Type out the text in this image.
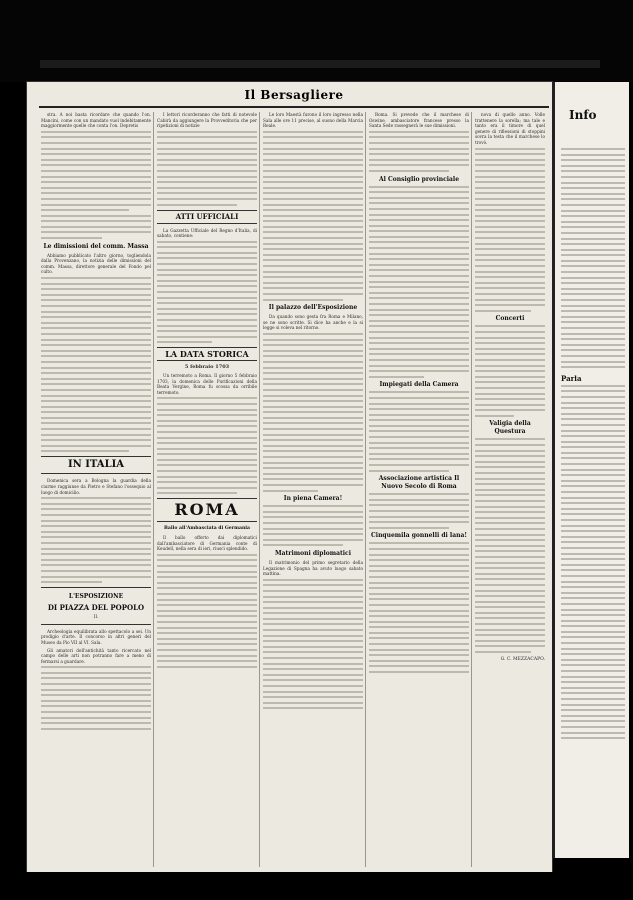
Il Bersagliere

stra. A noi basta ricordare che quando l'on. Mancini, come con un mandato vuol indebitamente maggiormente quelle che conta l'on. Depretis

Le dimissioni del comm. Massa

Abbiamo pubblicato l'altro giorno, togliendola dalla Provenzano, la notizia delle dimissioni del comm. Massa, direttore generale del Fondo pel culto.

IN ITALIA

Domenica sera a Bologna la guardia della ciurme raggiunse da Pietro e Stefano l'ossequio al luogo di domicilio.

L'ESPOSIZIONE
DI PIAZZA DEL POPOLO
II.

Archeologia equilibrata allo spettacolo a sei. Un prodigio d'arte. Il concorso in altri generi del Museo da Pio VII al VI. Sala.

Gli amatori dell'antichità tanto ricercato nel campo delle arti non potranno fare a meno di fermarsi a guardare.

I lettori ricorderanno che fatti di notevole Cabirà da aggiungere la Provveditoria che per ripetizioni di notizie

ATTI UFFICIALI

La Gazzetta Ufficiale del Regno d'Italia, di sabato, contiene:

LA DATA STORICA
5 febbraio 1703

Un terremoto a Roma. Il giorno 5 febbraio 1703, la domenica delle Purificazioni della Beata Vergine, Roma fu scossa da orribile terremoto.

ROMA
Ballo all'Ambasciata di Germania

Il ballo offerto dai diplomatici dall'ambasciatore di Germania conte di Keudell, nella sera di ieri, riuscì splendido.

Le loro Maestà furono il loro ingresso nella Sala alle ore 11 precise, al suono della Marcia Reale.

Il palazzo dell'Esposizione

Da quando sono gesta fra Roma e Milano, se ne sono scritte. Si dice ha anche e la si legge si voleva nel ritorno.

In piena Camera!
Matrimoni diplomatici

Il matrimonio del primo segretario della Legazione di Spagna ha avuto luogo sabato mattina.

Roma. Si prevede che il marchese di Oswine, ambasciatore francese presso la Santa Sede rassegnerà le sue dimissioni.

Al Consiglio provinciale
Impiegati della Camera
Associazione artistica Il Nuovo Secolo di Roma
Cinquemila gonnelli di lana!

nova di quello anno. Volle trattenere la sorella; ma tale e tanto era il timore di quel genere di riflessioni di stoppini sovra la testa che il marchese lo trovò.

Concerti
Valigia della Questura
G. C. MEZZACAPO.
Info
Parla
